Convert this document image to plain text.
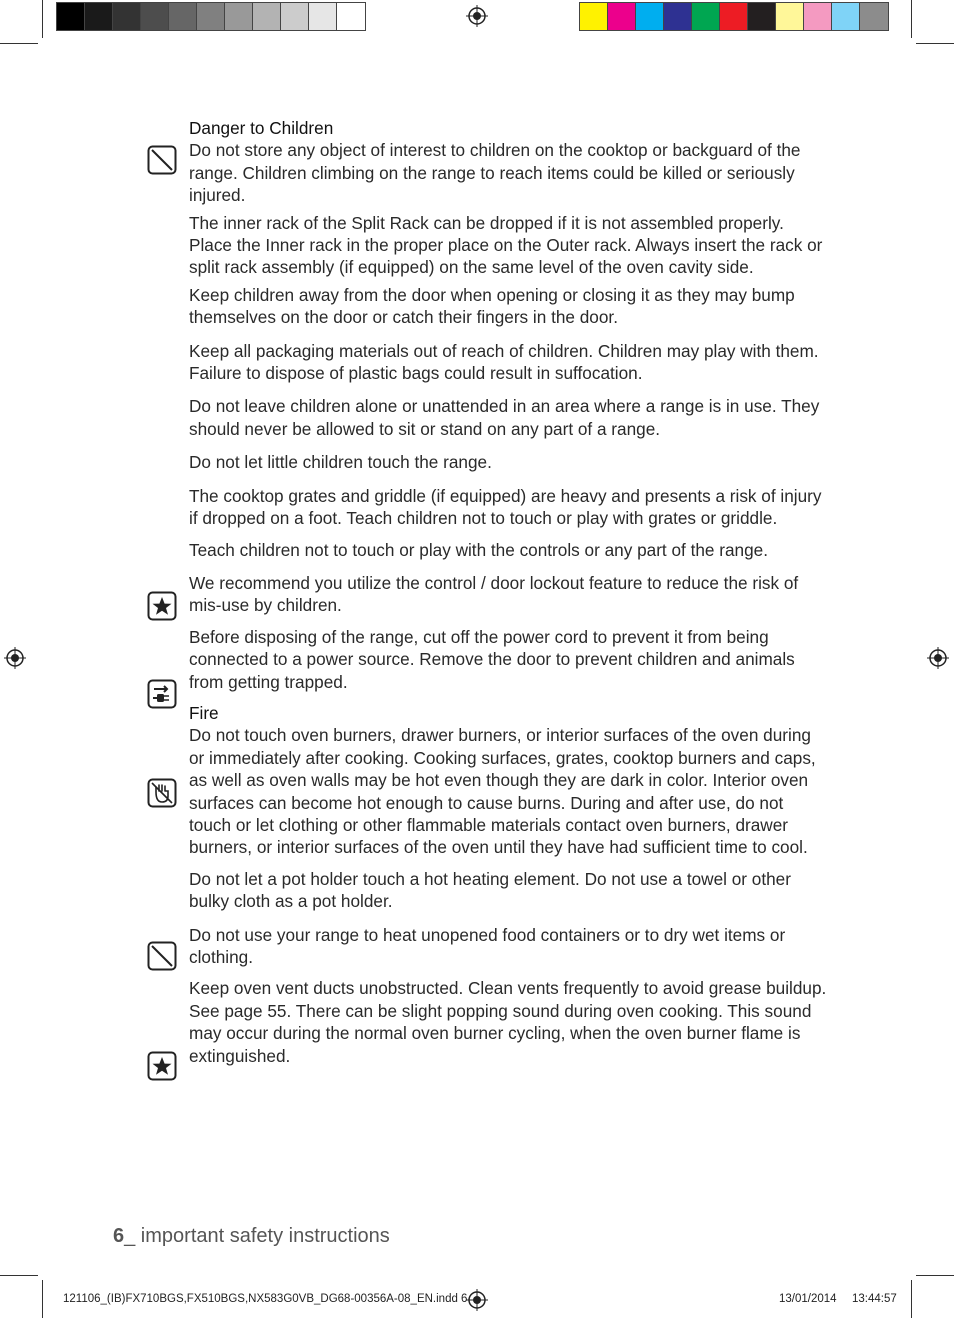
Danger to Children

Do not store any object of interest to children on the cooktop or backguard of the range. Children climbing on the range to reach items could be killed or seriously injured.

The inner rack of the Split Rack can be dropped if it is not assembled properly. Place the Inner rack in the proper place on the Outer rack. Always insert the rack or split rack assembly (if equipped) on the same level of the oven cavity side.

Keep children away from the door when opening or closing it as they may bump themselves on the door or catch their fingers in the door.

Keep all packaging materials out of reach of children. Children may play with them. Failure to dispose of plastic bags could result in suffocation.

Do not leave children alone or unattended in an area where a range is in use. They should never be allowed to sit or stand on any part of a range.

Do not let little children touch the range.

The cooktop grates and griddle (if equipped) are heavy and presents a risk of injury if dropped on a foot. Teach children not to touch or play with grates or griddle.

Teach children not to touch or play with the controls or any part of the range.

We recommend you utilize the control / door lockout feature to reduce the risk of mis-use by children.

Before disposing of the range, cut off the power cord to prevent it from being connected to a power source. Remove the door to prevent children and animals from getting trapped.

Fire

Do not touch oven burners, drawer burners, or interior surfaces of the oven during or immediately after cooking. Cooking surfaces, grates, cooktop burners and caps, as well as oven walls may be hot even though they are dark in color. Interior oven surfaces can become hot enough to cause burns. During and after use, do not touch or let clothing or other flammable materials contact oven burners, drawer burners, or interior surfaces of the oven until they have had sufficient time to cool.

Do not let a pot holder touch a hot heating element. Do not use a towel or other bulky cloth as a pot holder.

Do not use your range to heat unopened food containers or to dry wet items or clothing.

Keep oven vent ducts unobstructed. Clean vents frequently to avoid grease buildup. See page 55. There can be slight popping sound during oven cooking. This sound may occur during the normal oven burner cycling, when the oven burner flame is extinguished.

6_ important safety instructions
121106_(IB)FX710BGS,FX510BGS,NX583G0VB_DG68-00356A-08_EN.indd 6	13/01/2014 13:44:57
